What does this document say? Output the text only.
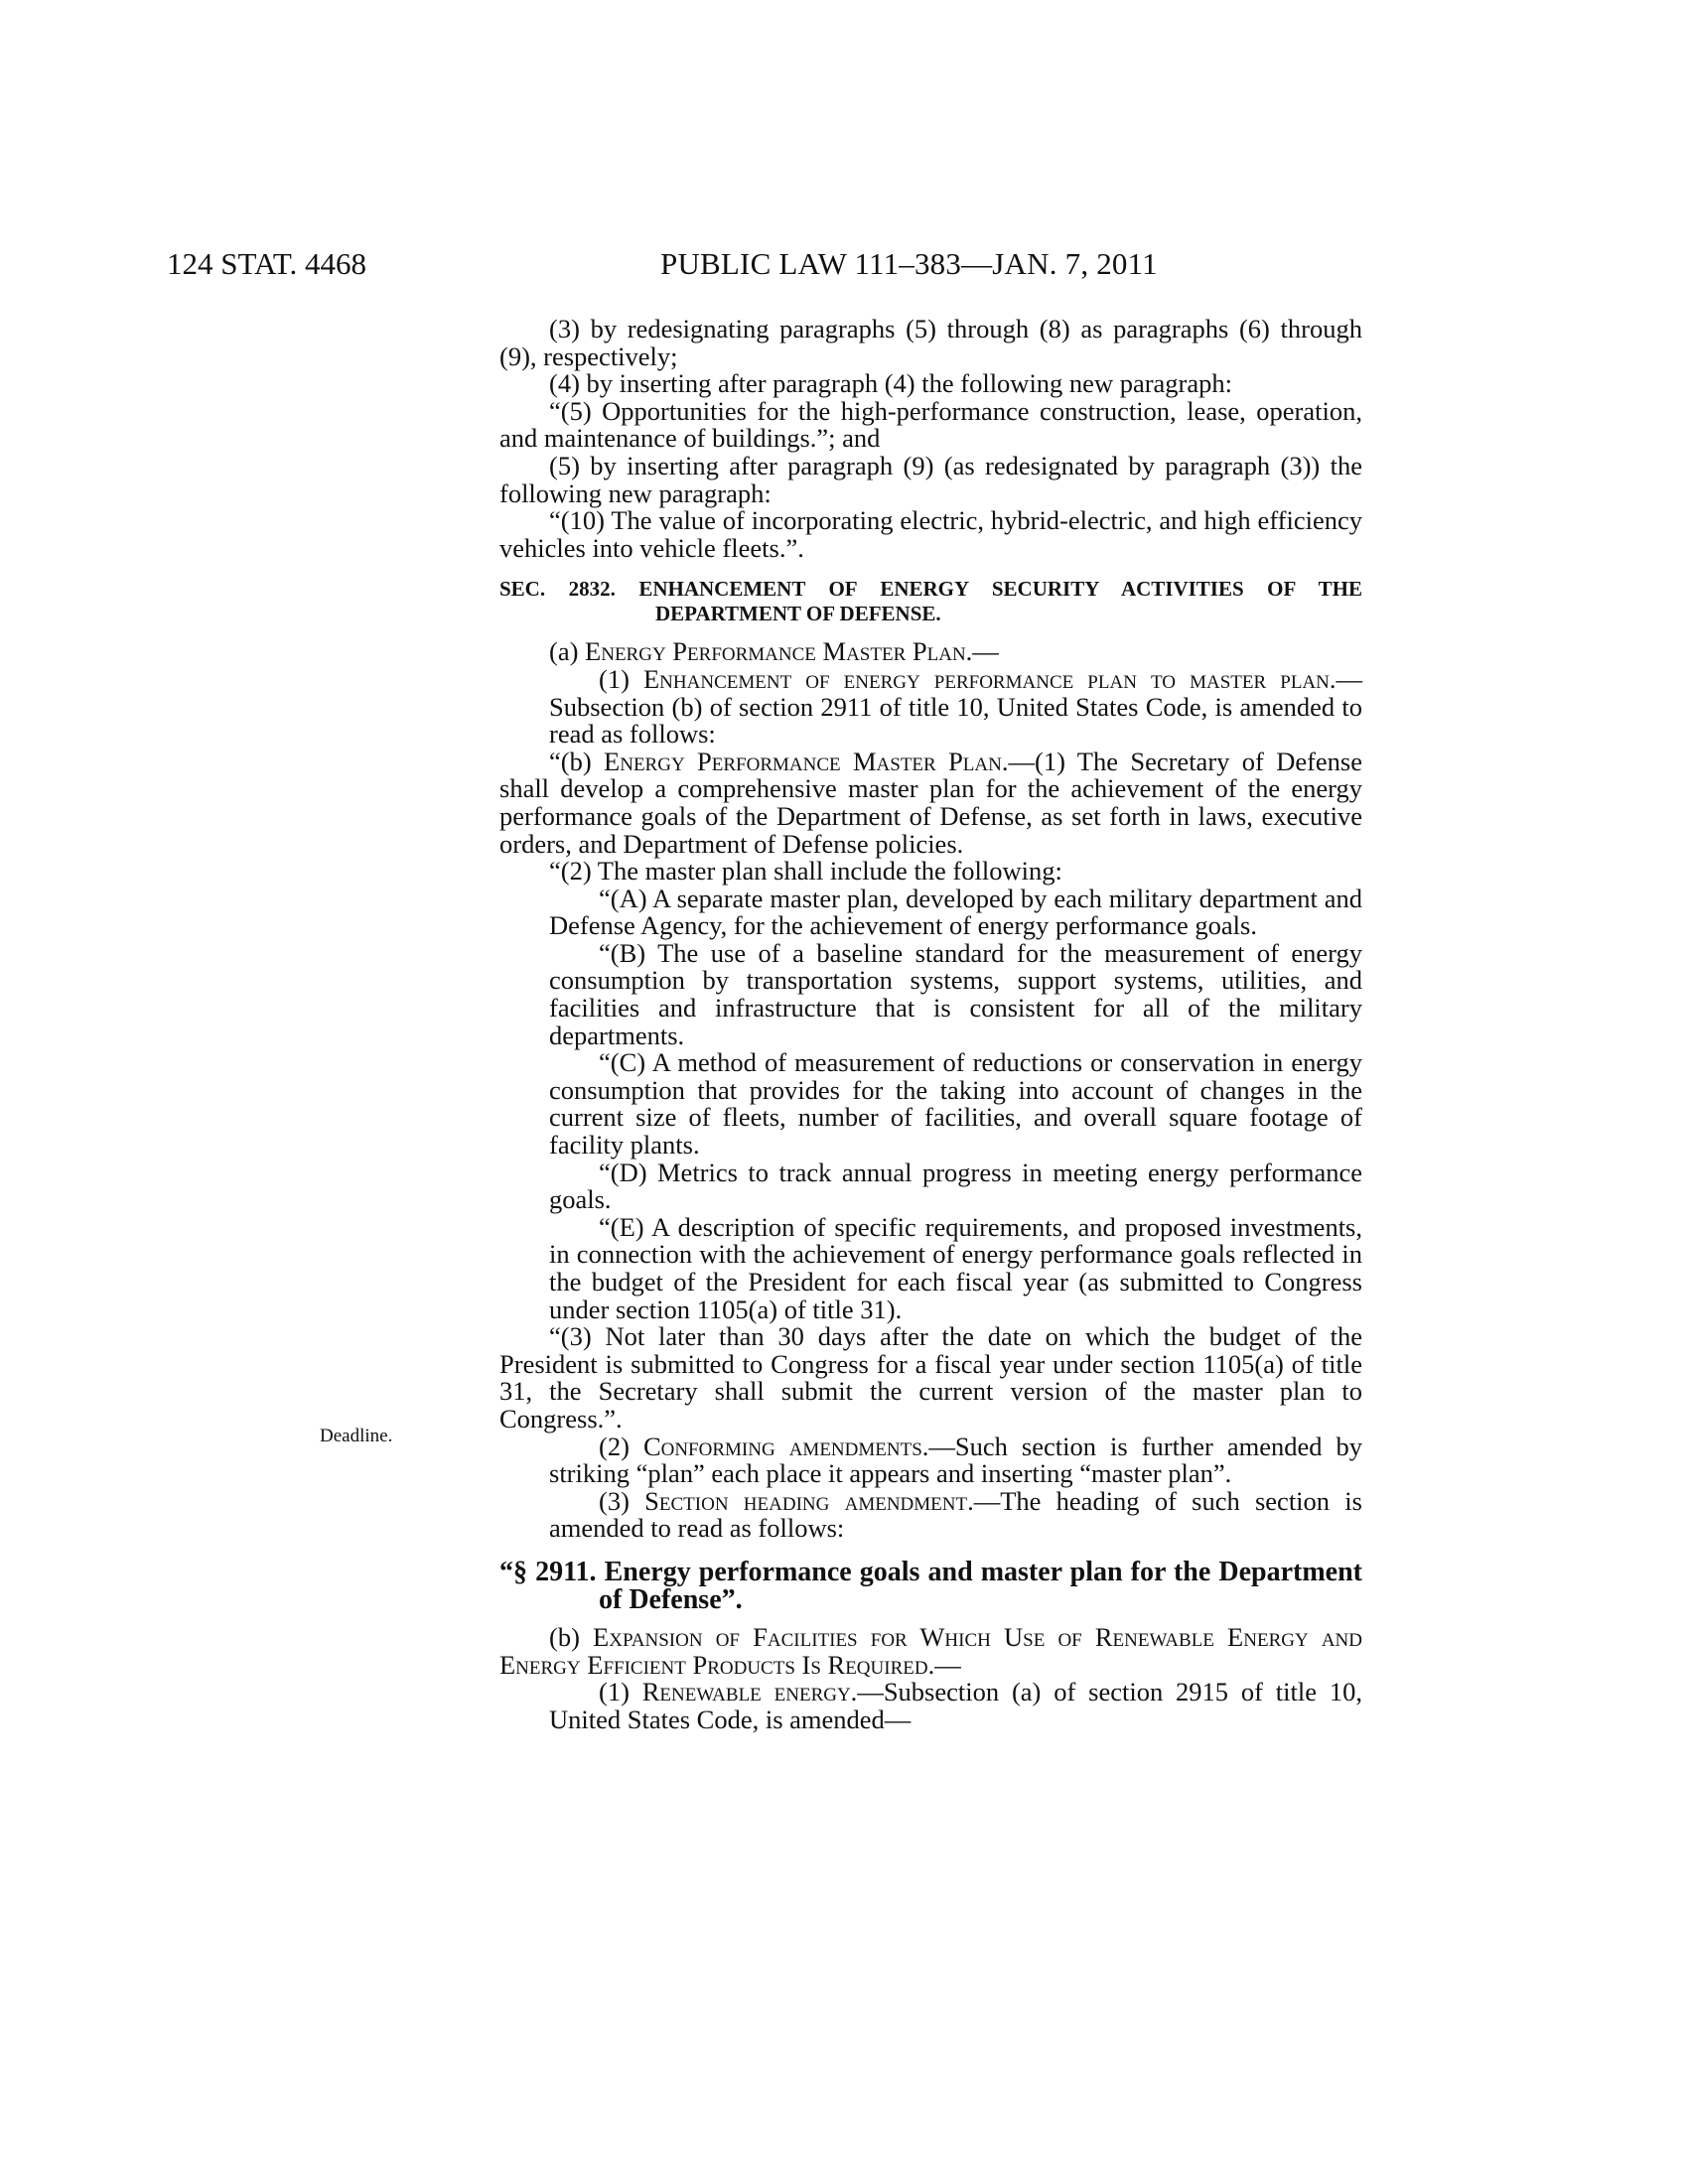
124 STAT. 4468	PUBLIC LAW 111–383—JAN. 7, 2011
Deadline.

(3) by redesignating paragraphs (5) through (8) as paragraphs (6) through (9), respectively;

(4) by inserting after paragraph (4) the following new paragraph:

“(5) Opportunities for the high-performance construction, lease, operation, and maintenance of buildings.”; and

(5) by inserting after paragraph (9) (as redesignated by paragraph (3)) the following new paragraph:

“(10) The value of incorporating electric, hybrid-electric, and high efficiency vehicles into vehicle fleets.”.

SEC. 2832. ENHANCEMENT OF ENERGY SECURITY ACTIVITIES OF THE DEPARTMENT OF DEFENSE.

(a) Energy Performance Master Plan.—

(1) Enhancement of energy performance plan to master plan.—Subsection (b) of section 2911 of title 10, United States Code, is amended to read as follows:

“(b) Energy Performance Master Plan.—(1) The Secretary of Defense shall develop a comprehensive master plan for the achievement of the energy performance goals of the Department of Defense, as set forth in laws, executive orders, and Department of Defense policies.

“(2) The master plan shall include the following:

“(A) A separate master plan, developed by each military department and Defense Agency, for the achievement of energy performance goals.

“(B) The use of a baseline standard for the measurement of energy consumption by transportation systems, support systems, utilities, and facilities and infrastructure that is consistent for all of the military departments.

“(C) A method of measurement of reductions or conservation in energy consumption that provides for the taking into account of changes in the current size of fleets, number of facilities, and overall square footage of facility plants.

“(D) Metrics to track annual progress in meeting energy performance goals.

“(E) A description of specific requirements, and proposed investments, in connection with the achievement of energy performance goals reflected in the budget of the President for each fiscal year (as submitted to Congress under section 1105(a) of title 31).

“(3) Not later than 30 days after the date on which the budget of the President is submitted to Congress for a fiscal year under section 1105(a) of title 31, the Secretary shall submit the current version of the master plan to Congress.”.

(2) Conforming amendments.—Such section is further amended by striking “plan” each place it appears and inserting “master plan”.

(3) Section heading amendment.—The heading of such section is amended to read as follows:

“§ 2911. Energy performance goals and master plan for the Department of Defense”.

(b) Expansion of Facilities for Which Use of Renewable Energy and Energy Efficient Products Is Required.—

(1) Renewable energy.—Subsection (a) of section 2915 of title 10, United States Code, is amended—
